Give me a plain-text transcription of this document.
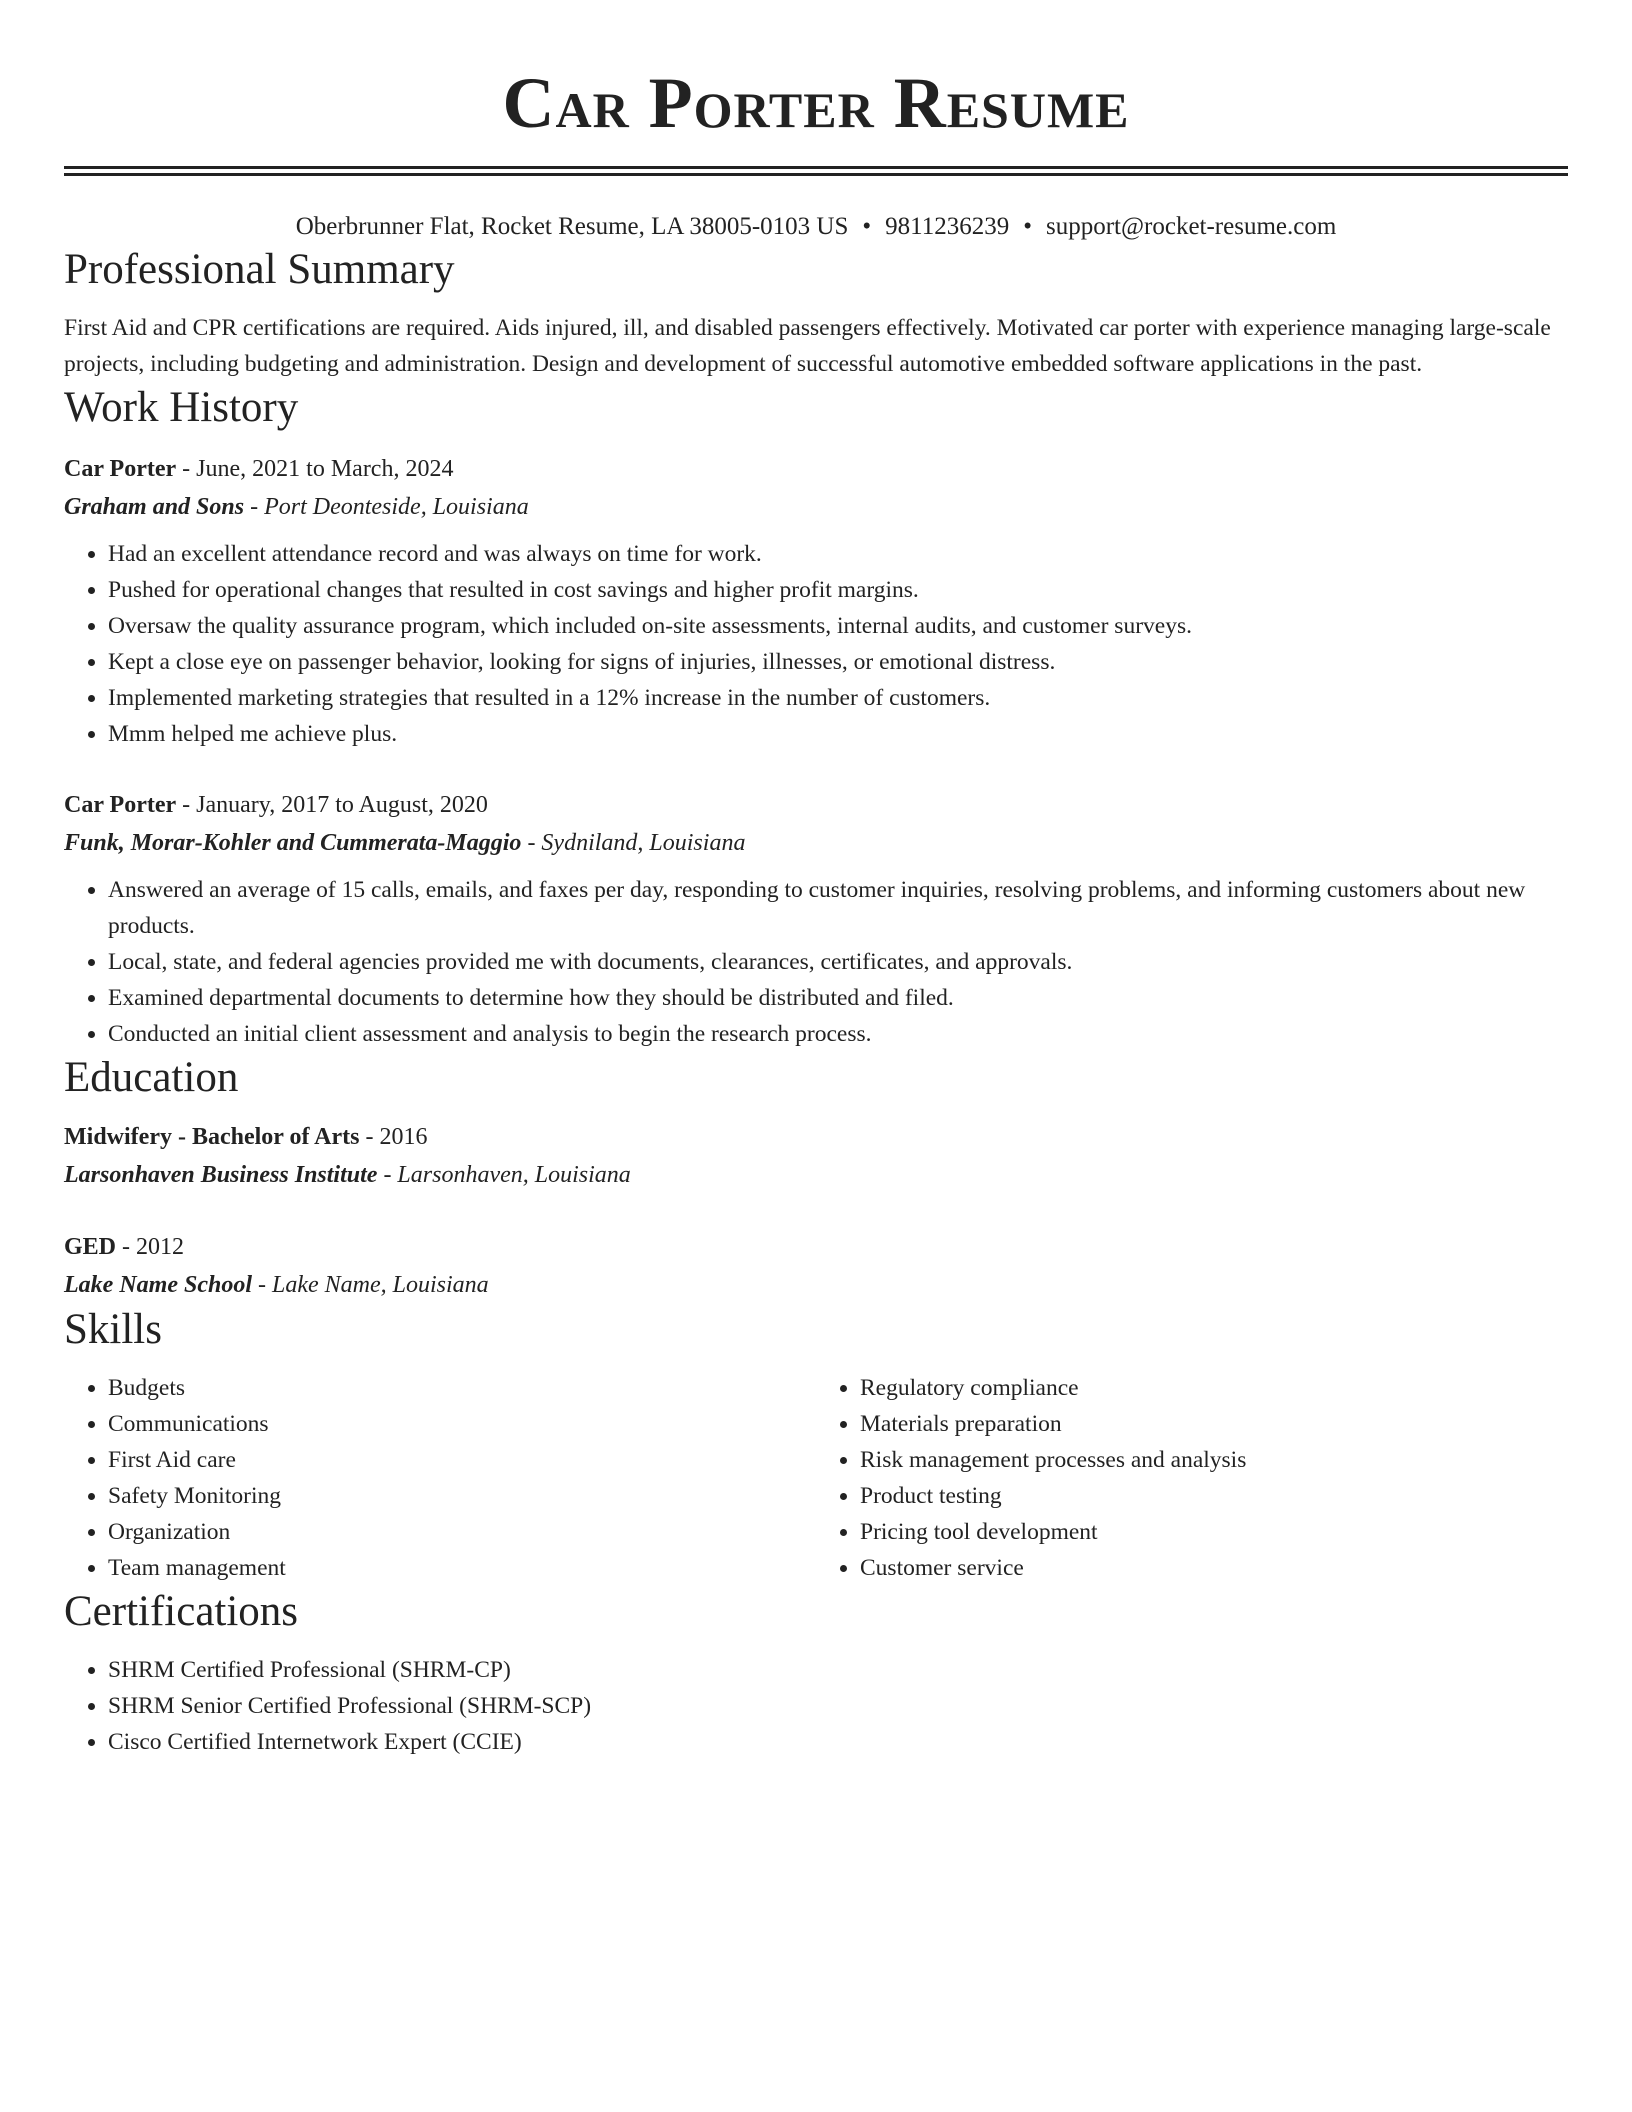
Car Porter Resume
Oberbrunner Flat, Rocket Resume, LA 38005-0103 US • 9811236239 • support@rocket-resume.com
Professional Summary
First Aid and CPR certifications are required. Aids injured, ill, and disabled passengers effectively. Motivated car porter with experience managing large-scale projects, including budgeting and administration. Design and development of successful automotive embedded software applications in the past.
Work History
Car Porter - June, 2021 to March, 2024
Graham and Sons - Port Deonteside, Louisiana
• Had an excellent attendance record and was always on time for work.
• Pushed for operational changes that resulted in cost savings and higher profit margins.
• Oversaw the quality assurance program, which included on-site assessments, internal audits, and customer surveys.
• Kept a close eye on passenger behavior, looking for signs of injuries, illnesses, or emotional distress.
• Implemented marketing strategies that resulted in a 12% increase in the number of customers.
• Mmm helped me achieve plus.
Car Porter - January, 2017 to August, 2020
Funk, Morar-Kohler and Cummerata-Maggio - Sydniland, Louisiana
• Answered an average of 15 calls, emails, and faxes per day, responding to customer inquiries, resolving problems, and informing customers about new products.
• Local, state, and federal agencies provided me with documents, clearances, certificates, and approvals.
• Examined departmental documents to determine how they should be distributed and filed.
• Conducted an initial client assessment and analysis to begin the research process.
Education
Midwifery - Bachelor of Arts - 2016
Larsonhaven Business Institute - Larsonhaven, Louisiana
GED - 2012
Lake Name School - Lake Name, Louisiana
Skills
• Budgets
• Communications
• First Aid care
• Safety Monitoring
• Organization
• Team management
• Regulatory compliance
• Materials preparation
• Risk management processes and analysis
• Product testing
• Pricing tool development
• Customer service
Certifications
• SHRM Certified Professional (SHRM-CP)
• SHRM Senior Certified Professional (SHRM-SCP)
• Cisco Certified Internetwork Expert (CCIE)
